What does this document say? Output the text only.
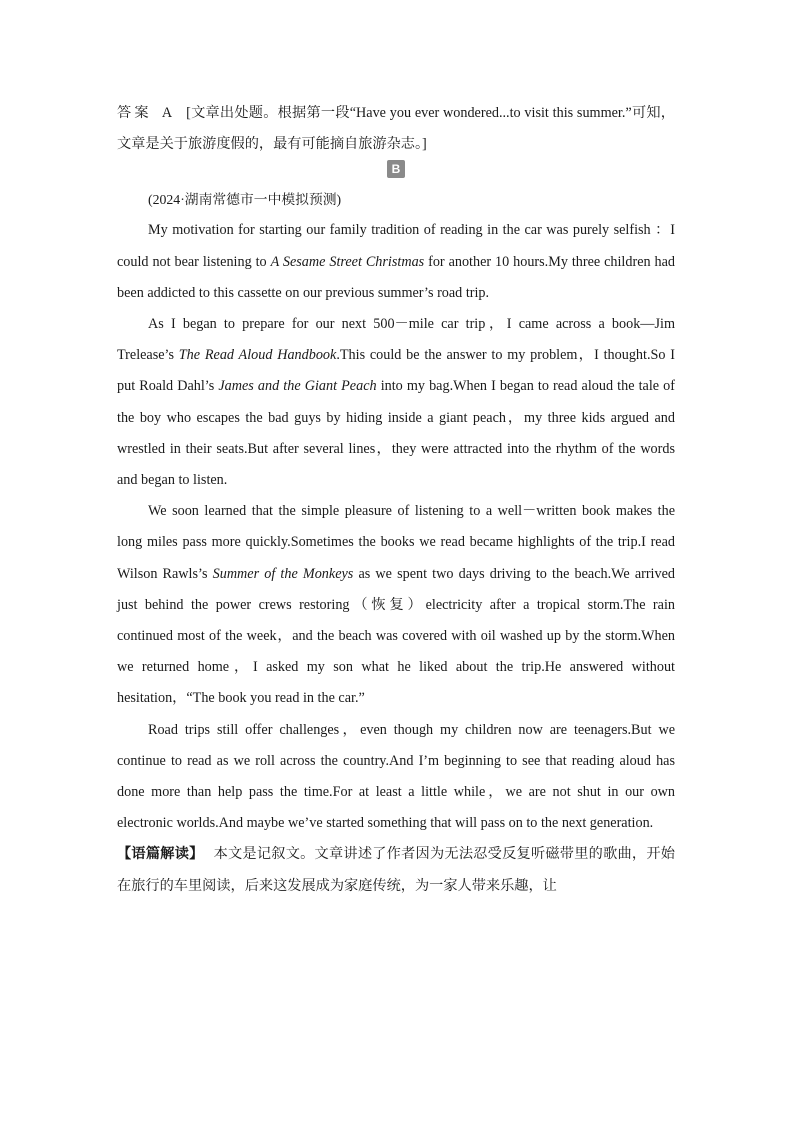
答案 A [文章出处题。根据第一段“Have you ever wondered...to visit this summer.”可知，文章是关于旅游度假的，最有可能摘自旅游杂志。]

B

(2024·湖南常德市一中模拟预测)

My motivation for starting our family tradition of reading in the car was purely selfish ：I could not bear listening to A Sesame Street Christmas for another 10 hours.My three children had been addicted to this cassette on our previous summer’s road trip.

As I began to prepare for our next 500－mile car trip，I came across a book—Jim Trelease’s The Read Aloud Handbook.This could be the answer to my problem，I thought.So I put Roald Dahl’s James and the Giant Peach into my bag.When I began to read aloud the tale of the boy who escapes the bad guys by hiding inside a giant peach，my three kids argued and wrestled in their seats.But after several lines，they were attracted into the rhythm of the words and began to listen.

We soon learned that the simple pleasure of listening to a well－written book makes the long miles pass more quickly.Sometimes the books we read became highlights of the trip.I read Wilson Rawls’s Summer of the Monkeys as we spent two days driving to the beach.We arrived just behind the power crews restoring（恢复）electricity after a tropical storm.The rain continued most of the week，and the beach was covered with oil washed up by the storm.When we returned home，I asked my son what he liked about the trip.He answered without hesitation，“The book you read in the car.”

Road trips still offer challenges，even though my children now are teenagers.But we continue to read as we roll across the country.And I’m beginning to see that reading aloud has done more than help pass the time.For at least a little while，we are not shut in our own electronic worlds.And maybe we’ve started something that will pass on to the next generation.

【语篇解读】 本文是记叙文。文章讲述了作者因为无法忍受反复听磁带里的歌曲，开始在旅行的车里阅读，后来这发展成为家庭传统，为一家人带来乐趣，让
